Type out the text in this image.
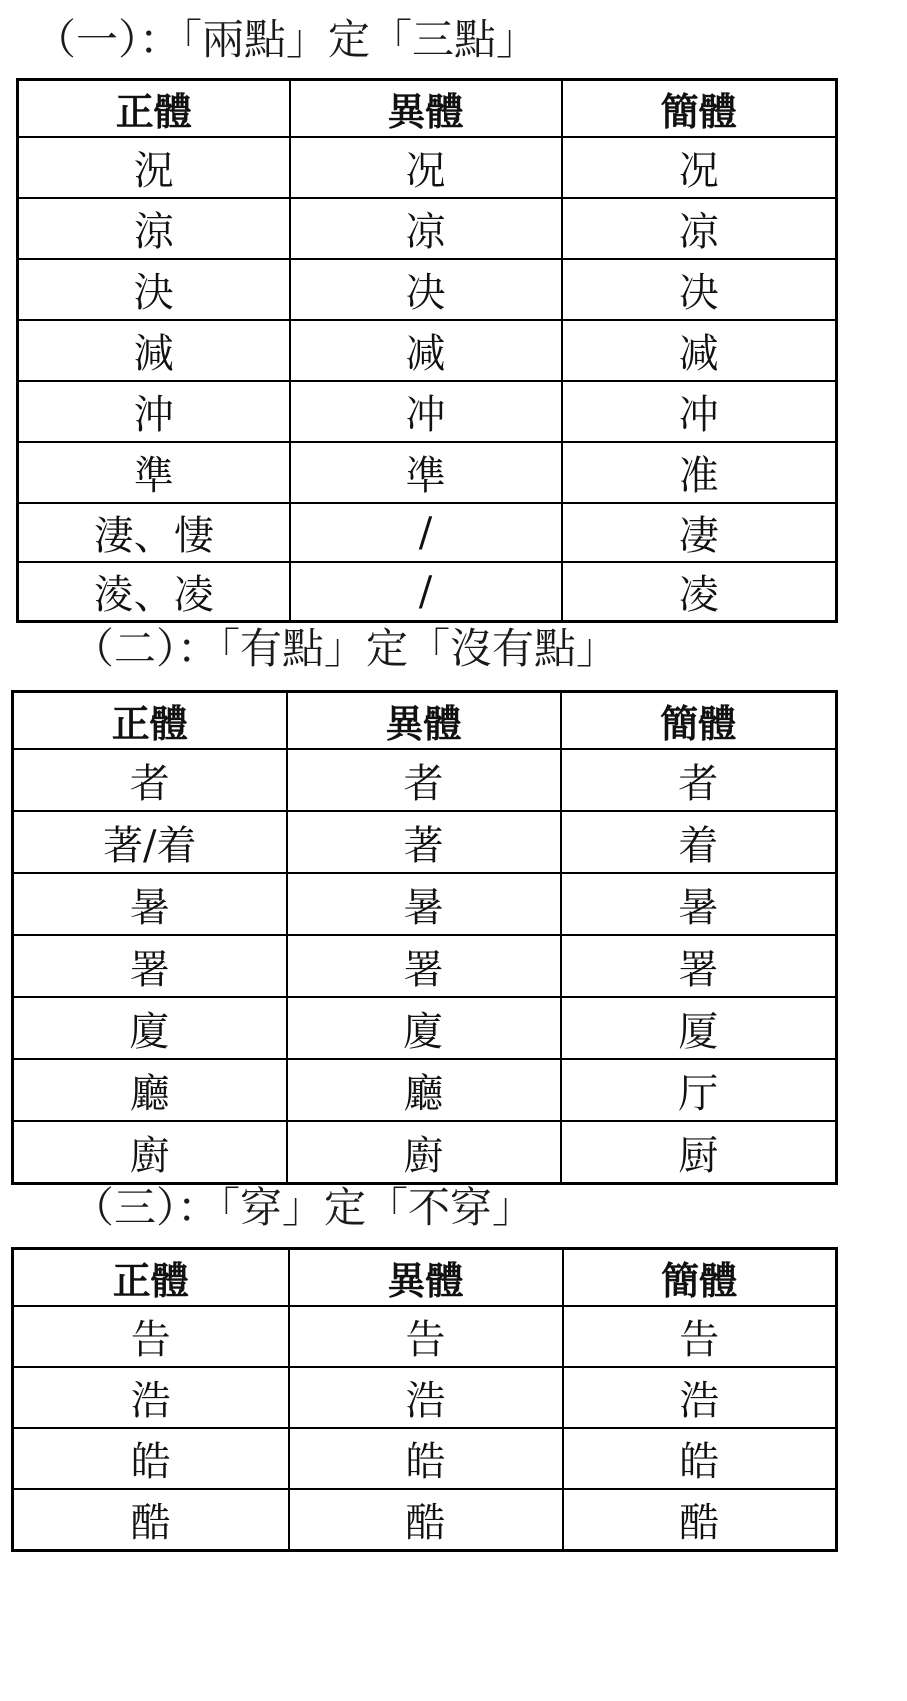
（一）：「兩點」定「三點」
正體	異體	簡體
況	况	况
涼	凉	凉
決	决	决
減	减	减
沖	冲	冲
準	凖	准
淒、悽	/	凄
淩、凌	/	凌
（二）：「有點」定「沒有點」
正體	異體	簡體
者	者	者
著/着	著	着
暑	暑	暑
署	署	署
廈	廈	厦
廳	廳	厅
廚	廚	厨
（三）：「穿」定「不穿」
正體	異體	簡體
告	告	告
浩	浩	浩
皓	皓	皓
酷	酷	酷
